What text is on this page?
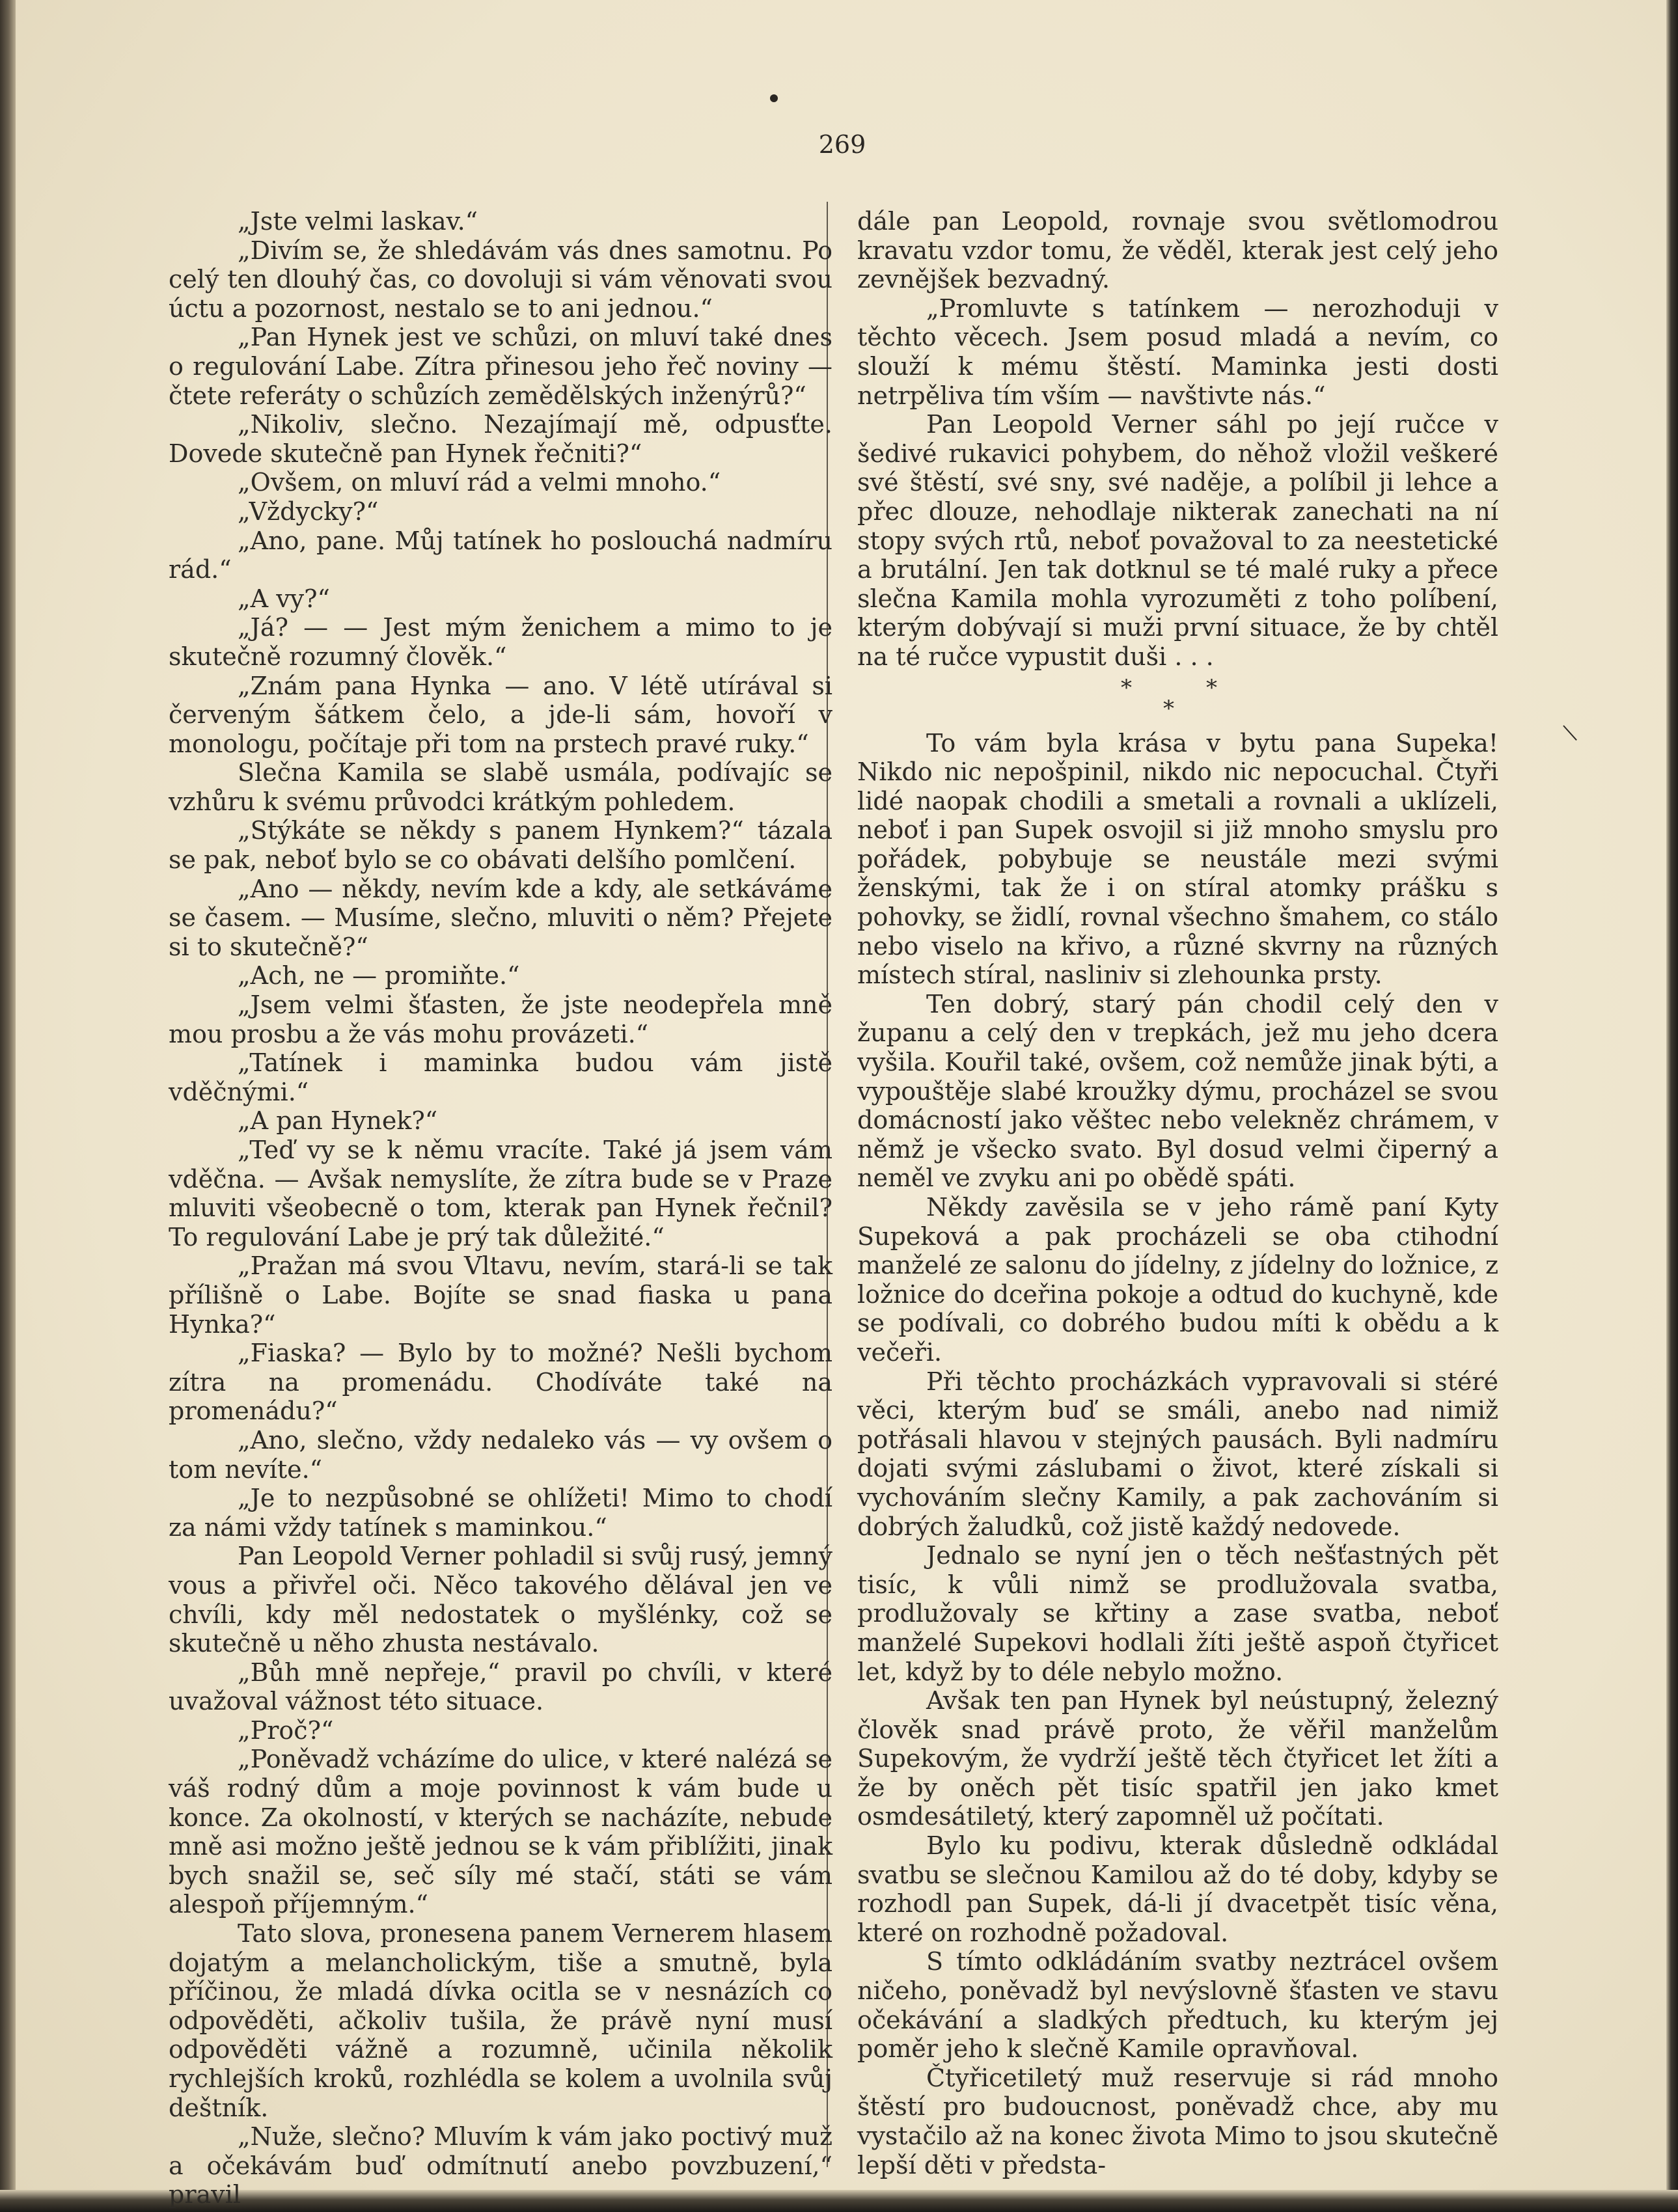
269

„Jste velmi laskav.“

„Divím se, že shledávám vás dnes samotnu. Po celý ten dlouhý čas, co dovoluji si vám věnovati svou úctu a pozornost, nestalo se to ani jednou.“

„Pan Hynek jest ve schůzi, on mluví také dnes o regulování Labe. Zítra přinesou jeho řeč noviny — čtete referáty o schůzích zemědělských inženýrů?“

„Nikoliv, slečno. Nezajímají mě, odpusťte. Dovede skutečně pan Hynek řečniti?“

„Ovšem, on mluví rád a velmi mnoho.“

„Vždycky?“

„Ano, pane. Můj tatínek ho poslouchá nadmíru rád.“

„A vy?“

„Já? — — Jest mým ženichem a mimo to je skutečně rozumný člověk.“

„Znám pana Hynka — ano. V létě utírával si červeným šátkem čelo, a jde-li sám, hovoří v monologu, počítaje při tom na prstech pravé ruky.“

Slečna Kamila se slabě usmála, podívajíc se vzhůru k svému průvodci krátkým pohledem.

„Stýkáte se někdy s panem Hynkem?“ tázala se pak, neboť bylo se co obávati delšího pomlčení.

„Ano — někdy, nevím kde a kdy, ale setkáváme se časem. — Musíme, slečno, mluviti o něm? Přejete si to skutečně?“

„Ach, ne — promiňte.“

„Jsem velmi šťasten, že jste neodepřela mně mou prosbu a že vás mohu provázeti.“

„Tatínek i maminka budou vám jistě vděčnými.“

„A pan Hynek?“

„Teď vy se k němu vracíte. Také já jsem vám vděčna. — Avšak nemyslíte, že zítra bude se v Praze mluviti všeobecně o tom, kterak pan Hynek řečnil? To regulování Labe je prý tak důležité.“

„Pražan má svou Vltavu, nevím, stará-li se tak přílišně o Labe. Bojíte se snad fiaska u pana Hynka?“

„Fiaska? — Bylo by to možné? Nešli bychom zítra na promenádu. Chodíváte také na promenádu?“

„Ano, slečno, vždy nedaleko vás — vy ovšem o tom nevíte.“

„Je to nezpůsobné se ohlížeti! Mimo to chodí za námi vždy tatínek s maminkou.“

Pan Leopold Verner pohladil si svůj rusý, jemný vous a přivřel oči. Něco takového dělával jen ve chvíli, kdy měl nedostatek o myšlénky, což se skutečně u něho zhusta nestávalo.

„Bůh mně nepřeje,“ pravil po chvíli, v které uvažoval vážnost této situace.

„Proč?“

„Poněvadž vcházíme do ulice, v které nalézá se váš rodný dům a moje povinnost k vám bude u konce. Za okolností, v kterých se nacházíte, nebude mně asi možno ještě jednou se k vám přiblížiti, jinak bych snažil se, seč síly mé stačí, státi se vám alespoň příjemným.“

Tato slova, pronesena panem Vernerem hlasem dojatým a melancholickým, tiše a smutně, byla příčinou, že mladá dívka ocitla se v nesnázích co odpověděti, ačkoliv tušila, že právě nyní musí odpověděti vážně a rozumně, učinila několik rychlejších kroků, rozhlédla se kolem a uvolnila svůj deštník.

„Nuže, slečno? Mluvím k vám jako poctivý muž a očekávám buď odmítnutí anebo povzbuzení,“ pravil

dále pan Leopold, rovnaje svou světlomodrou kravatu vzdor tomu, že věděl, kterak jest celý jeho zevnějšek bezvadný.

„Promluvte s tatínkem — nerozhoduji v těchto věcech. Jsem posud mladá a nevím, co slouží k mému štěstí. Maminka jesti dosti netrpěliva tím vším — navštivte nás.“

Pan Leopold Verner sáhl po její ručce v šedivé rukavici pohybem, do něhož vložil veškeré své štěstí, své sny, své naděje, a políbil ji lehce a přec dlouze, nehodlaje nikterak zanechati na ní stopy svých rtů, neboť považoval to za neestetické a brutální. Jen tak dotknul se té malé ruky a přece slečna Kamila mohla vyrozuměti z toho políbení, kterým dobývají si muži první situace, že by chtěl na té ručce vypustit duši . . .

*	*
*

To vám byla krása v bytu pana Supeka! Nikdo nic nepošpinil, nikdo nic nepocuchal. Čtyři lidé naopak chodili a smetali a rovnali a uklízeli, neboť i pan Supek osvojil si již mnoho smyslu pro pořádek, pobybuje se neustále mezi svými ženskými, tak že i on stíral atomky prášku s pohovky, se židlí, rovnal všechno šmahem, co stálo nebo viselo na křivo, a různé skvrny na různých místech stíral, nasliniv si zlehounka prsty.

Ten dobrý, starý pán chodil celý den v županu a celý den v trepkách, jež mu jeho dcera vyšila. Kouřil také, ovšem, což nemůže jinak býti, a vypouštěje slabé kroužky dýmu, procházel se svou domácností jako věštec nebo velekněz chrámem, v němž je všecko svato. Byl dosud velmi čiperný a neměl ve zvyku ani po obědě spáti.

Někdy zavěsila se v jeho rámě paní Kyty Supeková a pak procházeli se oba ctihodní manželé ze salonu do jídelny, z jídelny do ložnice, z ložnice do dceřina pokoje a odtud do kuchyně, kde se podívali, co dobrého budou míti k obědu a k večeři.

Při těchto procházkách vypravovali si stéré věci, kterým buď se smáli, anebo nad nimiž potřásali hlavou v stejných pausách. Byli nadmíru dojati svými záslubami o život, které získali si vychováním slečny Kamily, a pak zachováním si dobrých žaludků, což jistě každý nedovede.

Jednalo se nyní jen o těch nešťastných pět tisíc, k vůli nimž se prodlužovala svatba, prodlužovaly se křtiny a zase svatba, neboť manželé Supekovi hodlali žíti ještě aspoň čtyřicet let, když by to déle nebylo možno.

Avšak ten pan Hynek byl neústupný, železný člověk snad právě proto, že věřil manželům Supekovým, že vydrží ještě těch čtyřicet let žíti a že by oněch pět tisíc spatřil jen jako kmet osmdesátiletý, který zapomněl už počítati.

Bylo ku podivu, kterak důsledně odkládal svatbu se slečnou Kamilou až do té doby, kdyby se rozhodl pan Supek, dá-li jí dvacetpět tisíc věna, které on rozhodně požadoval.

S tímto odkládáním svatby neztrácel ovšem ničeho, poněvadž byl nevýslovně šťasten ve stavu očekávání a sladkých předtuch, ku kterým jej poměr jeho k slečně Kamile opravňoval.

Čtyřicetiletý muž reservuje si rád mnoho štěstí pro budoucnost, poněvadž chce, aby mu vystačilo až na konec života Mimo to jsou skutečně lepší děti v předsta-
